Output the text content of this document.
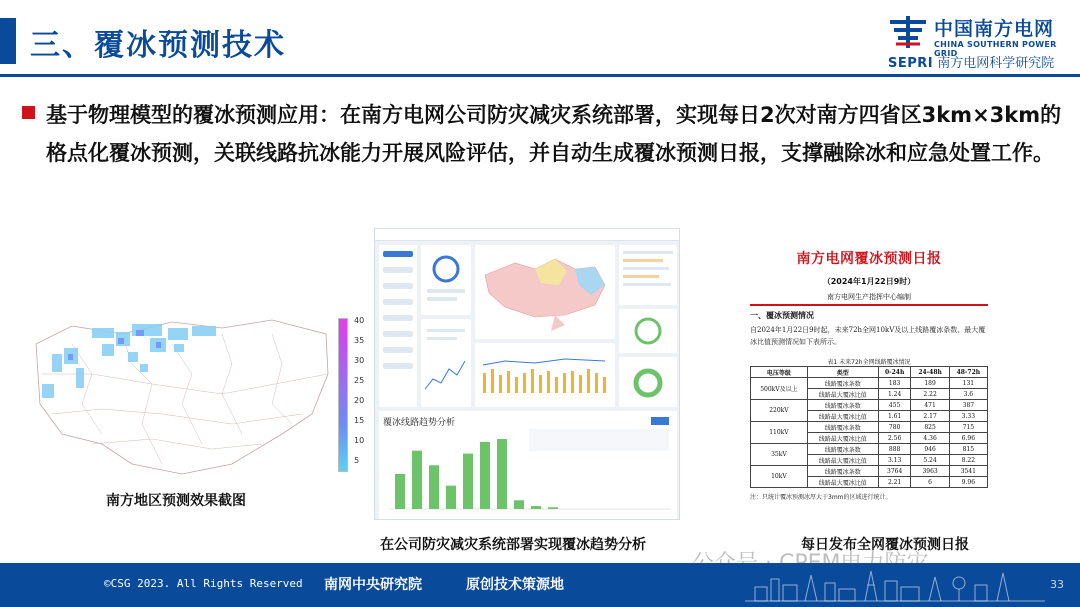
三、覆冰预测技术	中国南方电网
CHINA SOUTHERN POWER GRID
SEPRI 南方电网科学研究院
基于物理模型的覆冰预测应用：在南方电网公司防灾减灾系统部署，实现每日2次对南方四省区3km×3km的格点化覆冰预测，关联线路抗冰能力开展风险评估，并自动生成覆冰预测日报，支撑融除冰和应急处置工作。
40
35
30
25
20
15
10
5
南方地区预测效果截图
覆冰线路趋势分析
在公司防灾减灾系统部署实现覆冰趋势分析
南方电网覆冰预测日报
（2024年1月22日9时）
南方电网生产指挥中心编制
一、覆冰预测情况
自2024年1月22日9时起，未来72h全网10kV及以上线路覆冰条数、最大覆冰比值预测情况如下表所示。
表1 未来72h全网线路覆冰情况
电压等级	类型	0-24h	24-48h	48-72h
500kV及以上	线路覆冰条数	183	189	131
	线路最大覆冰比值	1.24	2.22	3.6
220kV	线路覆冰条数	455	471	387
	线路最大覆冰比值	1.61	2.17	3.33
110kV	线路覆冰条数	780	825	715
	线路最大覆冰比值	2.56	4.36	6.96
35kV	线路覆冰条数	888	946	815
	线路最大覆冰比值	3.13	5.24	8.22
10kV	线路覆冰条数	3764	3963	3541
	线路最大覆冰比值	2.21	6	9.96
注：只统计覆冰预测冰厚大于3mm的区域进行统计。
每日发布全网覆冰预测日报
©CSG 2023. All Rights Reserved 南网中央研究院	原创技术策源地	33
